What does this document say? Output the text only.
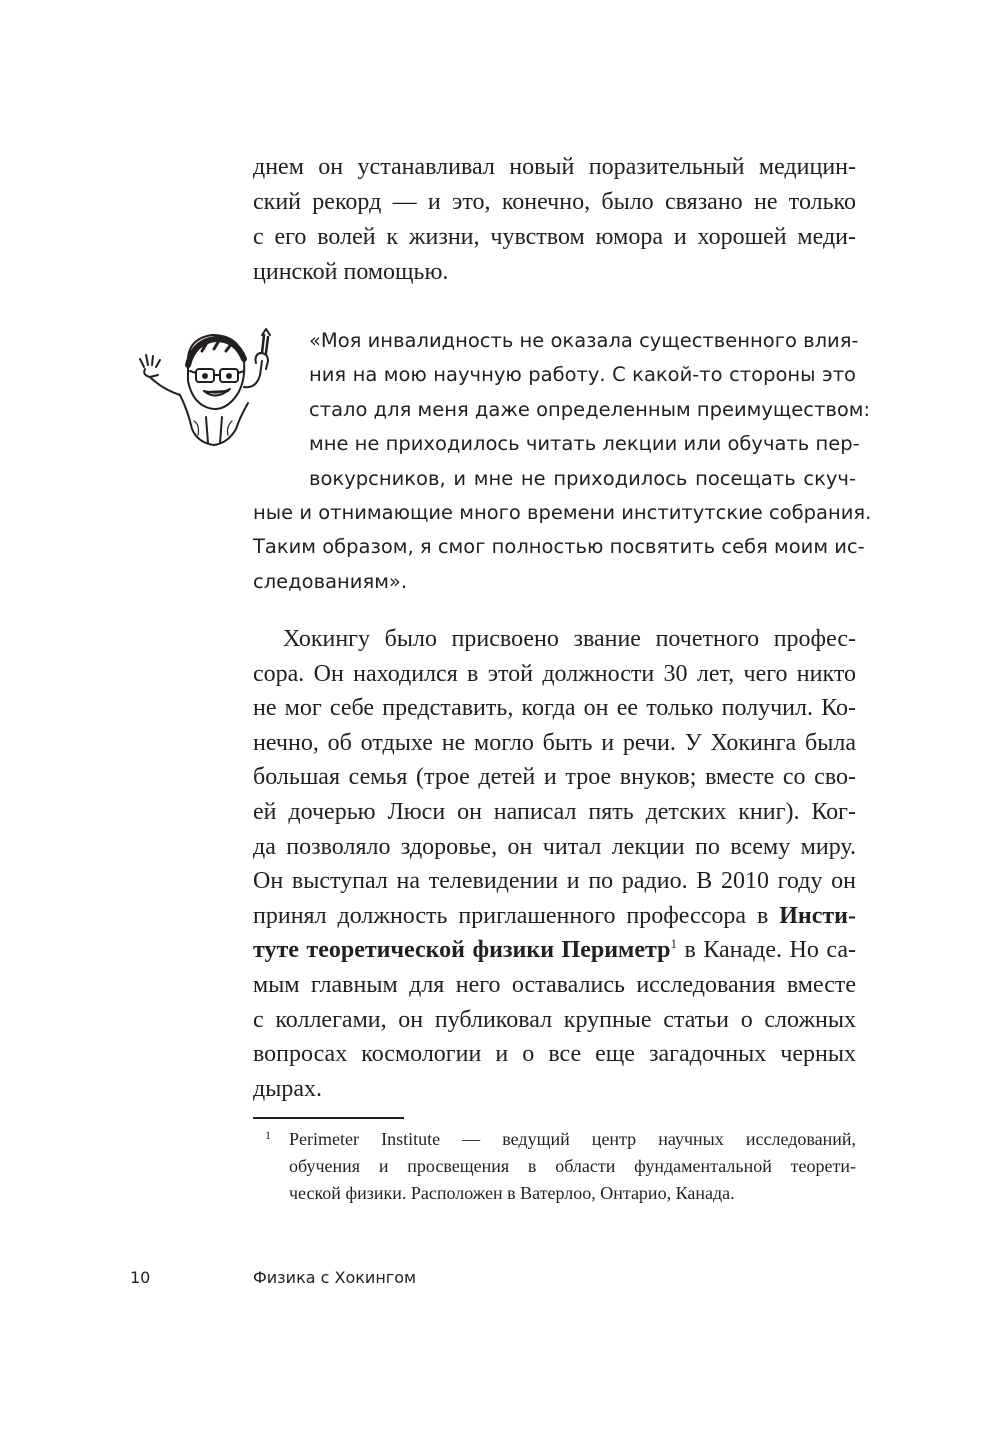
днем он устанавливал новый поразительный медицин-
ский рекорд — и это, конечно, было связано не только
с его волей к жизни, чувством юмора и хорошей меди-
цинской помощью.
«Моя инвалидность не оказала существенного влия-
ния на мою научную работу. С какой-то стороны это
стало для меня даже определенным преимуществом:
мне не приходилось читать лекции или обучать пер-
вокурсников, и мне не приходилось посещать скуч-
ные и отнимающие много времени институтские собрания.
Таким образом, я смог полностью посвятить себя моим ис-
следованиям».
Хокингу было присвоено звание почетного профес-
сора. Он находился в этой должности 30 лет, чего никто
не мог себе представить, когда он ее только получил. Ко-
нечно, об отдыхе не могло быть и речи. У Хокинга была
большая семья (трое детей и трое внуков; вместе со сво-
ей дочерью Люси он написал пять детских книг). Ког-
да позволяло здоровье, он читал лекции по всему миру.
Он выступал на телевидении и по радио. В 2010 году он
принял должность приглашенного профессора в Инсти-
туте теоретической физики Периметр$^1$ в Канаде. Но са-
мым главным для него оставались исследования вместе
с коллегами, он публиковал крупные статьи о сложных
вопросах космологии и о все еще загадочных черных
дырах.
1	Perimeter Institute — ведущий центр научных исследований,
обучения и просвещения в области фундаментальной теорети-
ческой физики. Расположен в Ватерлоо, Онтарио, Канада.
10	Физика с Хокингом
